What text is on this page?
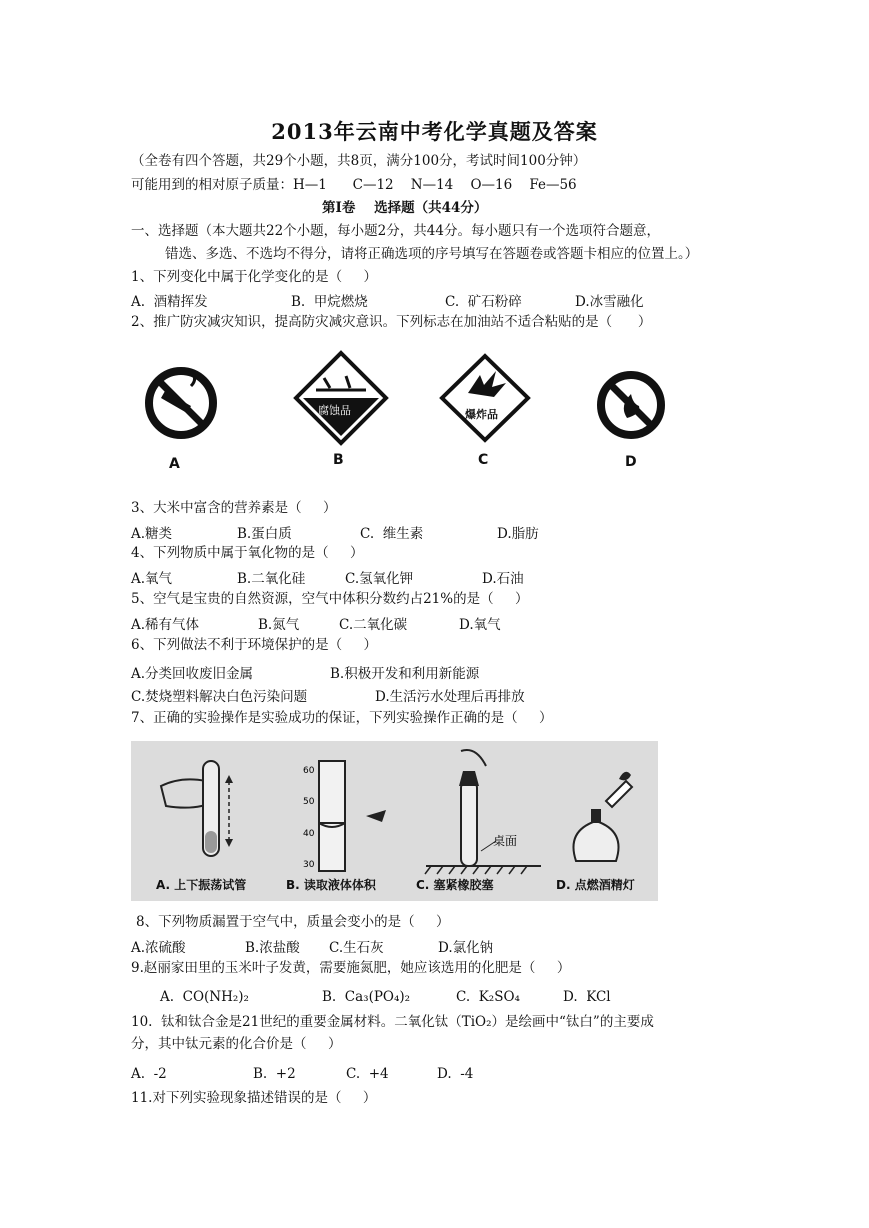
2013年云南中考化学真题及答案
（全卷有四个答题，共29个小题，共8页，满分100分，考试时间100分钟）
可能用到的相对原子质量：H—1      C—12    N—14    O—16    Fe—56
第Ⅰ卷    选择题（共44分）
一、选择题（本大题共22个小题，每小题2分，共44分。每小题只有一个选项符合题意，
错选、多选、不选均不得分，请将正确选项的序号填写在答题卷或答题卡相应的位置上。）
1、下列变化中属于化学变化的是（     ）
A.  酒精挥发	B.  甲烷燃烧	C.  矿石粉碎	D.冰雪融化
2、推广防灾减灾知识，提高防灾减灾意识。下列标志在加油站不适合粘贴的是（      ）
A
腐蚀品
B
爆炸品
C	D
3、大米中富含的营养素是（     ）
A.糖类	B.蛋白质	C.  维生素	D.脂肪
4、下列物质中属于氧化物的是（     ）
A.氧气	B.二氧化硅	C.氢氧化钾	D.石油
5、空气是宝贵的自然资源，空气中体积分数约占21%的是（     ）
A.稀有气体	B.氮气	C.二氧化碳	D.氧气
6、下列做法不利于环境保护的是（     ）
A.分类回收废旧金属	B.积极开发和利用新能源
C.焚烧塑料解决白色污染问题	D.生活污水处理后再排放
7、正确的实验操作是实验成功的保证，下列实验操作正确的是（     ）
60
50
40
30
桌面
A. 上下振荡试管	B. 读取液体体积	C. 塞紧橡胶塞	D. 点燃酒精灯
8、下列物质漏置于空气中，质量会变小的是（     ）
A.浓硫酸	B.浓盐酸 C.生石灰	D.氯化钠
9.赵丽家田里的玉米叶子发黄，需要施氮肥，她应该选用的化肥是（     ）
A.  CO(NH₂)₂	B.  Ca₃(PO₄)₂	C.  K₂SO₄	D.  KCl
10.  钛和钛合金是21世纪的重要金属材料。二氧化钛（TiO₂）是绘画中“钛白”的主要成
分，其中钛元素的化合价是（     ）
A.  -2	B.  +2	C.  +4	D.  -4
11.对下列实验现象描述错误的是（     ）
